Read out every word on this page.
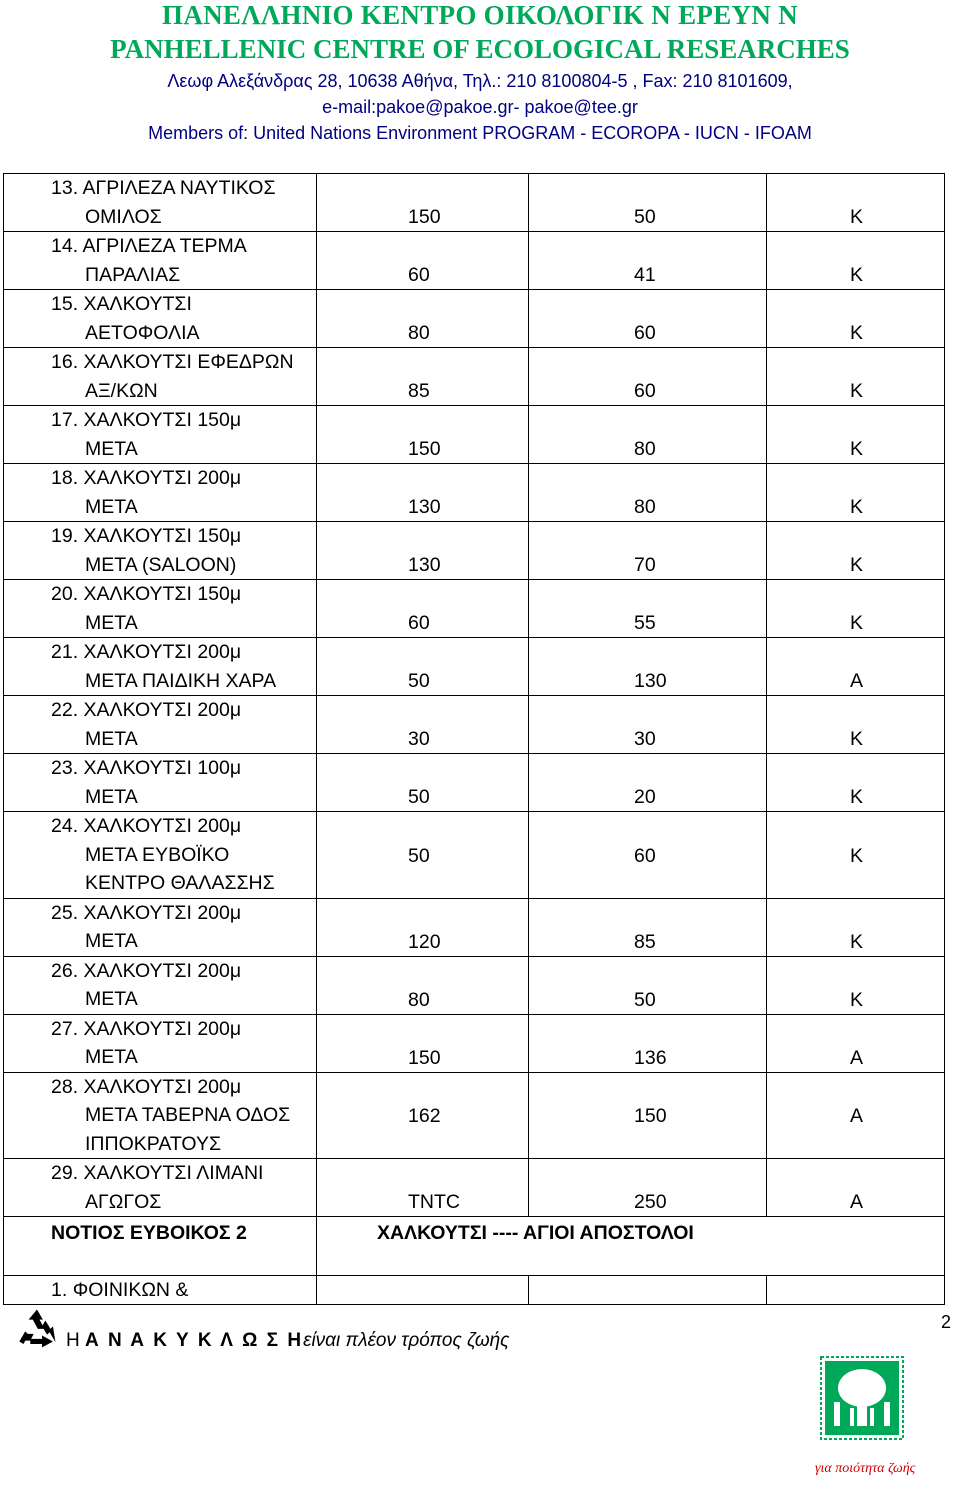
ΠΑΝΕΛΛΗΝΙΟ ΚΕΝΤΡΟ ΟΙΚΟΛΟΓΙΚ Ν ΕΡΕΥΝ Ν
PANHELLENIC CENTRE OF ECOLOGICAL RESEARCHES
Λεωφ Αλεξάνδρας 28, 10638 Αθήνα, Τηλ.: 210 8100804-5 , Fax: 210 8101609,
e-mail:pakoe@pakoe.gr- pakoe@tee.gr
Members of: United Nations Environment PROGRAM - ECOROPA - IUCN - IFOAM
13. ΑΓΡΙΛΕΖΑ ΝΑΥΤΙΚΟΣ
ΟΜΙΛΟΣ	150	50	Κ

14. ΑΓΡΙΛΕΖΑ ΤΕΡΜΑ
ΠΑΡΑΛΙΑΣ	60	41	Κ

15. ΧΑΛΚΟΥΤΣΙ
ΑΕΤΟΦΟΛΙΑ	80	60	Κ

16. ΧΑΛΚΟΥΤΣΙ ΕΦΕΔΡΩΝ
ΑΞ/ΚΩΝ	85	60	Κ

17. ΧΑΛΚΟΥΤΣΙ 150μ
ΜΕΤΑ	150	80	Κ

18. ΧΑΛΚΟΥΤΣΙ 200μ
ΜΕΤΑ	130	80	Κ

19. ΧΑΛΚΟΥΤΣΙ 150μ
ΜΕΤΑ (SALOON)	130	70	Κ

20. ΧΑΛΚΟΥΤΣΙ 150μ
ΜΕΤΑ	60	55	Κ

21. ΧΑΛΚΟΥΤΣΙ 200μ
ΜΕΤΑ ΠΑΙΔΙΚΗ ΧΑΡΑ	50	130	Α

22. ΧΑΛΚΟΥΤΣΙ 200μ
ΜΕΤΑ	30	30	Κ

23. ΧΑΛΚΟΥΤΣΙ 100μ
ΜΕΤΑ	50	20	Κ

24. ΧΑΛΚΟΥΤΣΙ 200μ
ΜΕΤΑ ΕΥΒΟΪΚΟ
ΚΕΝΤΡΟ ΘΑΛΑΣΣΗΣ	50	60	Κ

25. ΧΑΛΚΟΥΤΣΙ 200μ
ΜΕΤΑ	120	85	Κ

26. ΧΑΛΚΟΥΤΣΙ 200μ
ΜΕΤΑ	80	50	Κ

27. ΧΑΛΚΟΥΤΣΙ 200μ
ΜΕΤΑ	150	136	Α

28. ΧΑΛΚΟΥΤΣΙ 200μ
ΜΕΤΑ ΤΑΒΕΡΝΑ ΟΔΟΣ
ΙΠΠΟΚΡΑΤΟΥΣ	162	150	Α

29. ΧΑΛΚΟΥΤΣΙ ΛΙΜΑΝΙ
ΑΓΩΓΟΣ	TNTC	250	Α

ΝΟΤΙΟΣ ΕΥΒΟΙΚΟΣ 2	ΧΑΛΚΟΥΤΣΙ ---- ΑΓΙΟΙ ΑΠΟΣΤΟΛΟΙ		

1. ΦΟΙΝΙΚΩΝ &			

2
Η Α Ν Α Κ Υ Κ Λ Ω Σ Ηείναι πλέον τρόπος ζωής
για ποιότητα ζωής
